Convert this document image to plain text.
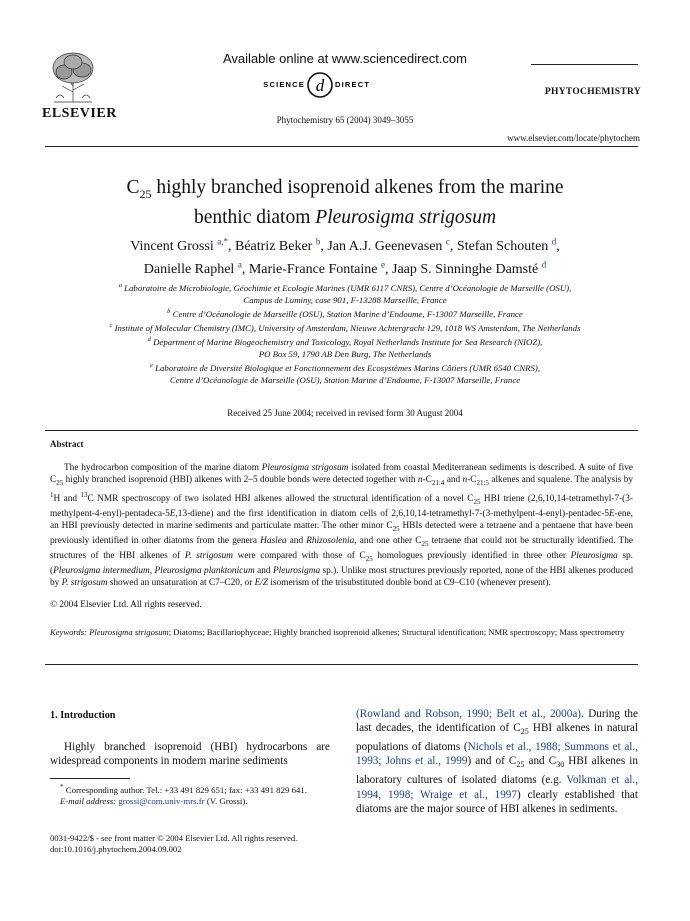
ELSEVIER
Available online at www.sciencedirect.com
SCIENCE d DIRECT
Phytochemistry 65 (2004) 3049–3055
PHYTOCHEMISTRY
www.elsevier.com/locate/phytochem
$C_{25}$ highly branched isoprenoid alkenes from the marine
benthic diatom Pleurosigma strigosum
Vincent Grossi $^{a,*}$, Béatriz Beker $^b$, Jan A.J. Geenevasen $^c$, Stefan Schouten $^d$,
Danielle Raphel $^a$, Marie-France Fontaine $^e$, Jaap S. Sinninghe Damsté $^d$
$^a$ Laboratoire de Microbiologie, Géochimie et Ecologie Marines (UMR 6117 CNRS), Centre d’Océanologie de Marseille (OSU),
Campus de Luminy, case 901, F-13288 Marseille, France
$^b$ Centre d’Océanologie de Marseille (OSU), Station Marine d’Endoume, F-13007 Marseille, France
$^c$ Institute of Molecular Chemistry (IMC), University of Amsterdam, Nieuwe Achtergracht 129, 1018 WS Amsterdam, The Netherlands
$^d$ Department of Marine Biogeochemistry and Toxicology, Royal Netherlands Institute for Sea Research (NIOZ),
PO Box 59, 1790 AB Den Burg, The Netherlands
$^e$ Laboratoire de Diversité Biologique et Fonctionnement des Ecosystèmes Marins Côtiers (UMR 6540 CNRS),
Centre d’Océanologie de Marseille (OSU), Station Marine d’Endoume, F-13007 Marseille, France
Received 25 June 2004; received in revised form 30 August 2004
Abstract

The hydrocarbon composition of the marine diatom Pleurosigma strigosum isolated from coastal Mediterranean sediments is described. A suite of five $C_{25}$ highly branched isoprenoid (HBI) alkenes with 2–5 double bonds were detected together with $n-C_{21:4}$ and $n-C_{21:5}$ alkenes and squalene. The analysis by $^1$H and $^{13}$C NMR spectroscopy of two isolated HBI alkenes allowed the structural identification of a novel $C_{25}$ HBI triene (2,6,10,14-tetramethyl-7-(3-methylpent-4-enyl)-pentadeca-5E,13-diene) and the first identification in diatom cells of 2,6,10,14-tetramethyl-7-(3-methylpent-4-enyl)-pentadec-5E-ene, an HBI previously detected in marine sediments and particulate matter. The other minor $C_{25}$ HBIs detected were a tetraene and a pentaene that have been previously identified in other diatoms from the genera Haslea and Rhizosolenia, and one other $C_{25}$ tetraene that could not be structurally identified. The structures of the HBI alkenes of P. strigosum were compared with those of $C_{25}$ homologues previously identified in three other Pleurosigma sp. (Pleurosigma intermedium, Pleurosigma planktonicum and Pleurosigma sp.). Unlike most structures previously reported, none of the HBI alkenes produced by P. strigosum showed an unsaturation at C7–C20, or E/Z isomerism of the trisubstituted double bond at C9–C10 (whenever present).

© 2004 Elsevier Ltd. All rights reserved.
Keywords: Pleurosigma strigosum; Diatoms; Bacillariophyceae; Highly branched isoprenoid alkenes; Structural identification; NMR spectroscopy; Mass spectrometry
1. Introduction
Highly branched isoprenoid (HBI) hydrocarbons are widespread components in modern marine sediments
* Corresponding author. Tel.: +33 491 829 651; fax: +33 491 829 641.
E-mail address: grossi@com.univ-mrs.fr (V. Grossi).
0031-9422/$ - see front matter © 2004 Elsevier Ltd. All rights reserved.
doi:10.1016/j.phytochem.2004.09.002
(Rowland and Robson, 1990; Belt et al., 2000a). During the last decades, the identification of $C_{25}$ HBI alkenes in natural populations of diatoms (Nichols et al., 1988; Summons et al., 1993; Johns et al., 1999) and of $C_{25}$ and $C_{30}$ HBI alkenes in laboratory cultures of isolated diatoms (e.g. Volkman et al., 1994, 1998; Wraige et al., 1997) clearly established that diatoms are the major source of HBI alkenes in sediments.
